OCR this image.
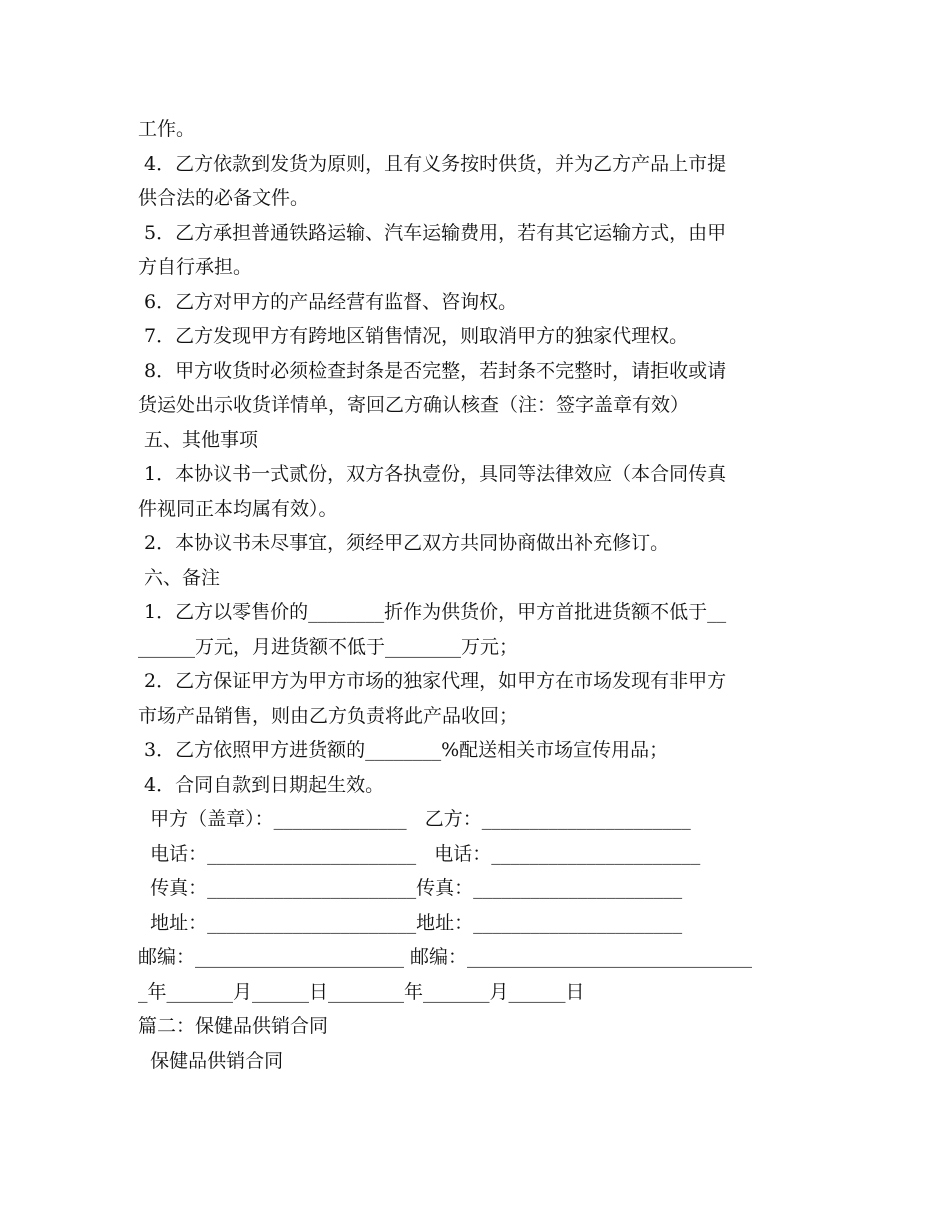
工作。
4．乙方依款到发货为原则，且有义务按时供货，并为乙方产品上市提
供合法的必备文件。
5．乙方承担普通铁路运输、汽车运输费用，若有其它运输方式，由甲
方自行承担。
6．乙方对甲方的产品经营有监督、咨询权。
7．乙方发现甲方有跨地区销售情况，则取消甲方的独家代理权。
8．甲方收货时必须检查封条是否完整，若封条不完整时，请拒收或请
货运处出示收货详情单，寄回乙方确认核查（注：签字盖章有效）
五、其他事项
1．本协议书一式贰份，双方各执壹份，具同等法律效应（本合同传真
件视同正本均属有效）。
2．本协议书未尽事宜，须经甲乙双方共同协商做出补充修订。
六、备注
1．乙方以零售价的________折作为供货价，甲方首批进货额不低于__
______万元，月进货额不低于________万元；
2．乙方保证甲方为甲方市场的独家代理，如甲方在市场发现有非甲方
市场产品销售，则由乙方负责将此产品收回；
3．乙方依照甲方进货额的________%配送相关市场宣传用品；
4．合同自款到日期起生效。
甲方（盖章）：______________   乙方：______________________
电话：______________________   电话：______________________
传真：______________________传真：______________________
地址：______________________地址：______________________
邮编：______________________ 邮编：______________________________
_年_______月______日________年_______月______日
篇二：保健品供销合同
保健品供销合同
